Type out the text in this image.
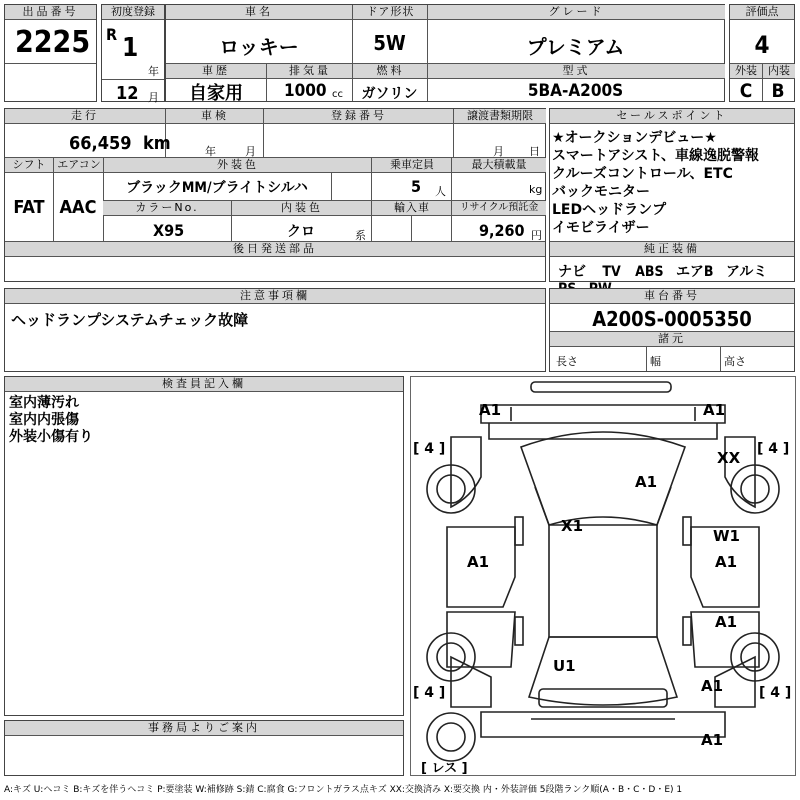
出品番号
2225
初度登録
R 1
年
12 月
車名	ドア形状	グレード
ロッキー	5W	プレミアム
車歴	排気量	燃料	型式
自家用	1000 cc	ガソリン	5BA-A200S
評価点
4
外装	内装
C	B
走行	車検	登録番号	譲渡書類期限
66,459 km	年	月	月 日
シフト	エアコン	外装色	乗車定員	最大積載量
FAT AAC
ブラックMM/ブライトシルハ	5 人	kg
カラーNo.	内装色	輸入車	リサイクル預託金
X95	クロ	系	9,260 円
後日発送部品
セールスポイント
★オークションデビュー★
スマートアシスト、車線逸脱警報
クルーズコントロール、ETC
バックモニター
LEDヘッドランプ
イモビライザー
純正装備
ナビ TV ABS エアB アルミ
注意事項欄
ヘッドランプシステムチェック故障
車台番号
A200S-0005350
諸元
長さ	幅	高さ
検査員記入欄
室内薄汚れ
室内内張傷
外装小傷有り
事務局よりご案内
A1	A1
XX
A1
X1
W1
A1	A1
A1
A1
U1
A1
[ 4 ]	[ 4 ]
[ 4 ]	[ 4 ]
[ レス ]
A:キズ U:ヘコミ B:キズを伴うヘコミ P:要塗装 W:補修跡 S:錆 C:腐食 G:フロントガラス点キズ XX:交換済み X:要交換 内・外装評価 5段階ランク順(A・B・C・D・E) 1
